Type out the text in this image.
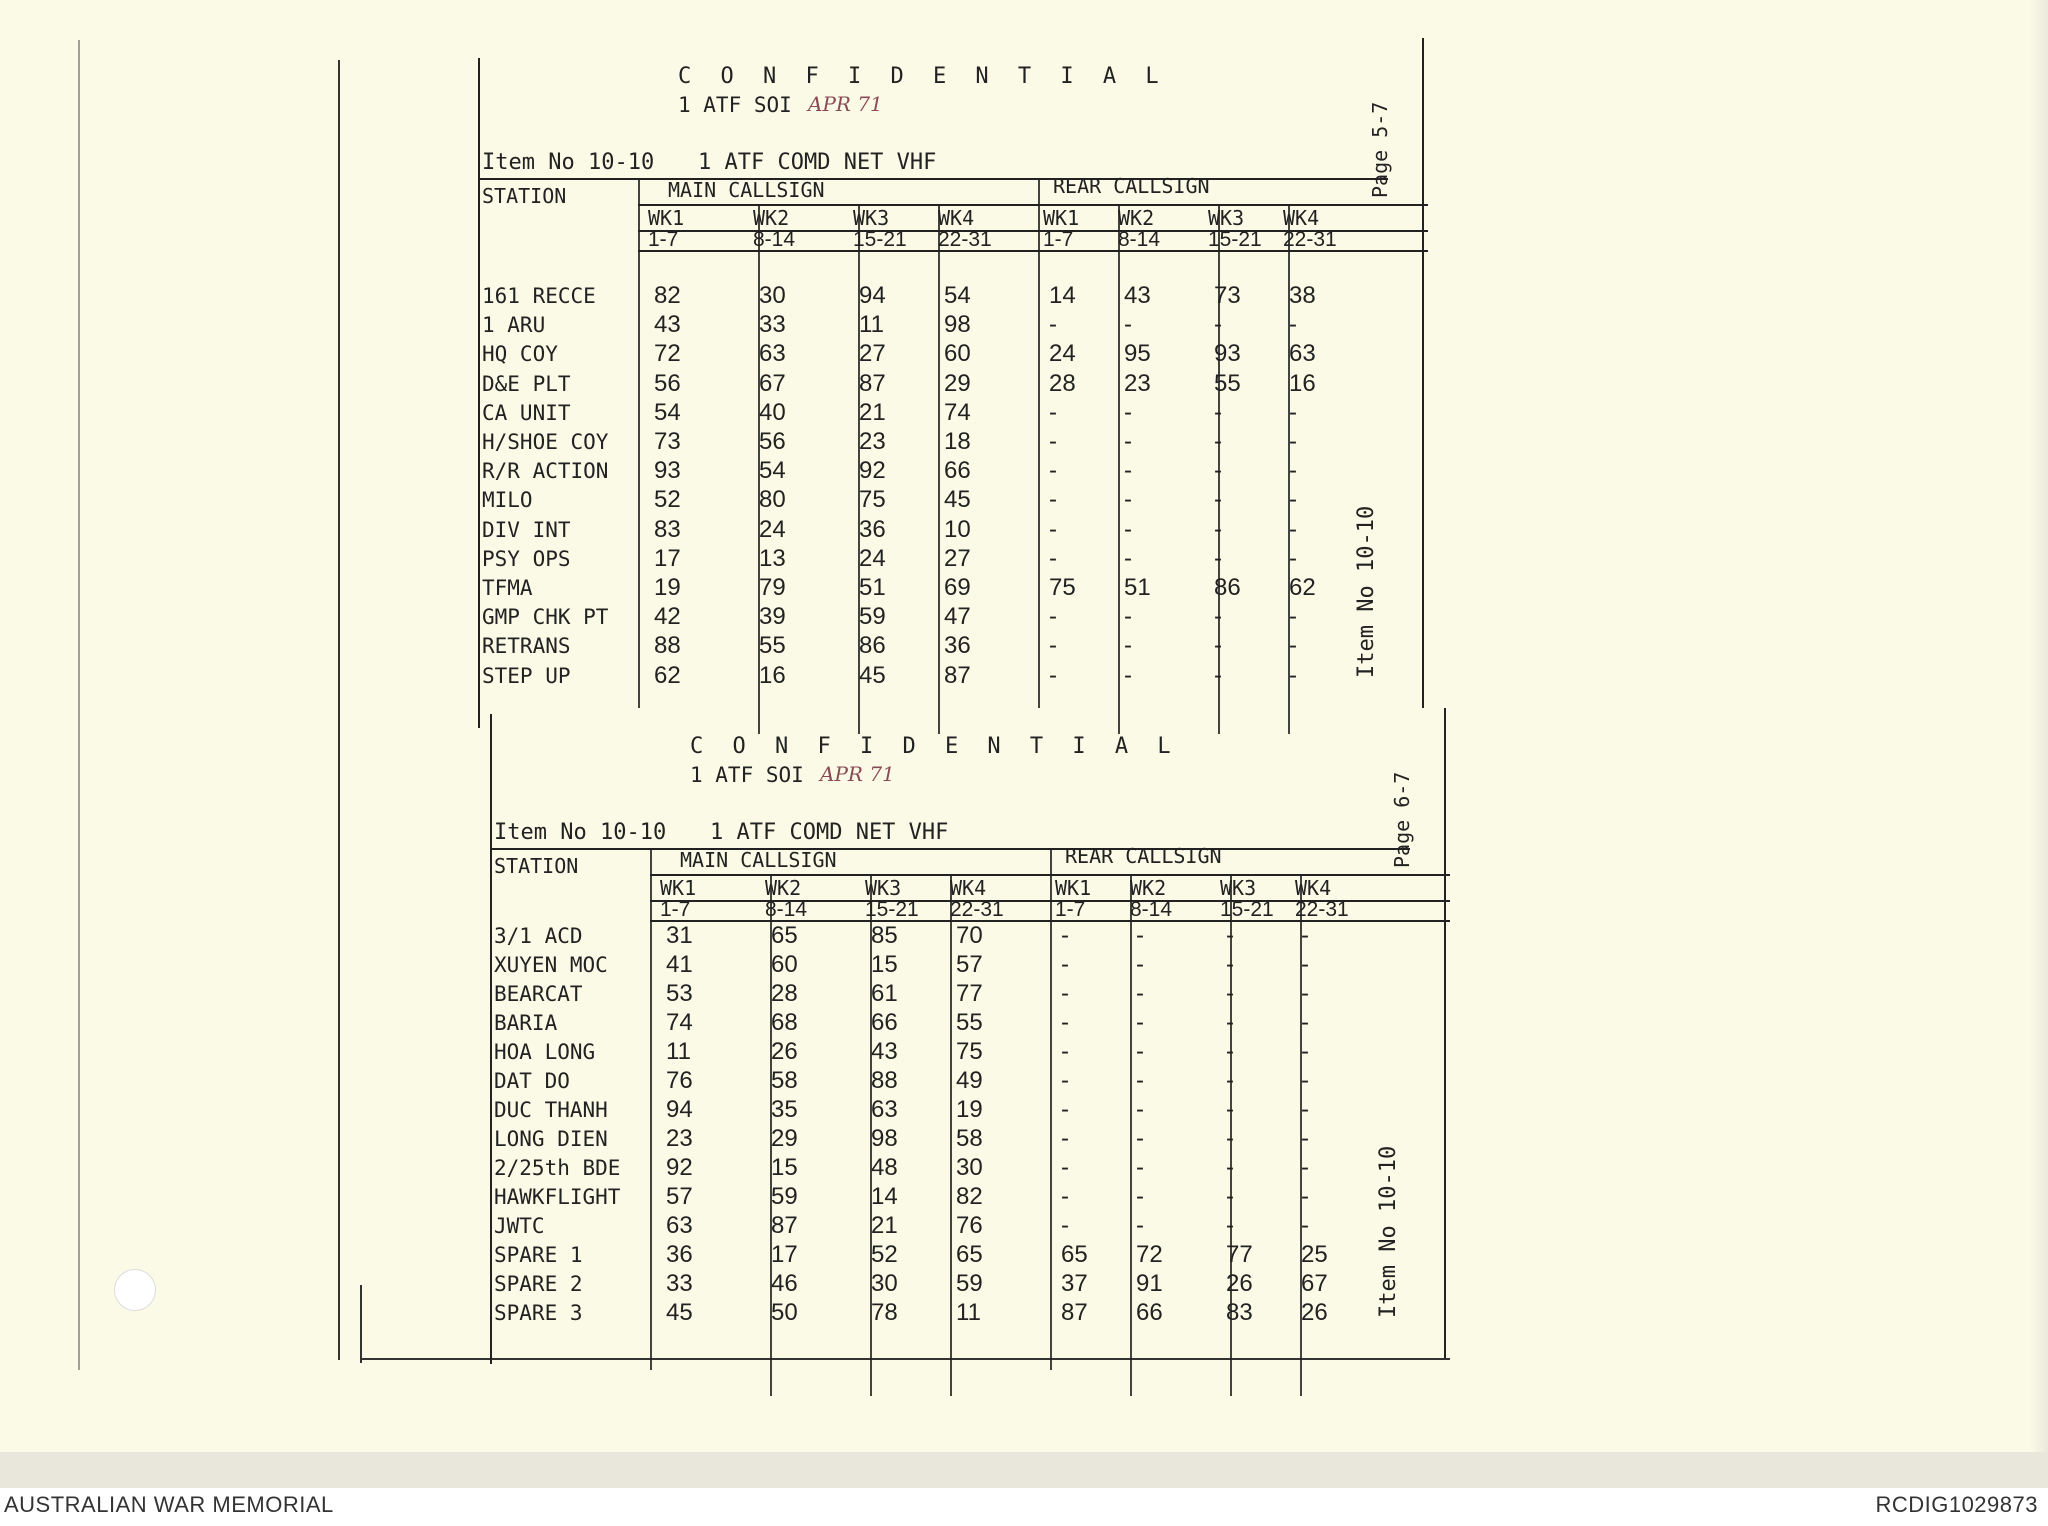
C O N F I D E N T I A L
1 ATF SOI APR 71
Item No 10-10 1 ATF COMD NET VHF
STATION	MAIN CALLSIGN	REAR CALLSIGN
WK1	WK2	WK3 WK4	WK1 WK2	WK3 WK4
1-7	8-14	15-21 22-31 1-7 8-14 15-21 22-31
161 RECCE 82	30	94 54	14 43	73 38
1 ARU	43	33	11	98	-	-	-	-
HQ COY	72	63	27 60	24 95	93 63
D&E PLT	56	67	87 29	28 23	55 16
CA UNIT	54	40	21 74	-	-	-	-
H/SHOE COY 73	56	23 18	-	-	-	-
R/R ACTION 93	54	92 66	-	-	-	-
MILO	52	80	75 45	-	-	-	-
DIV INT	83	24	36 10	-	-	-	-
PSY OPS	17	13	24 27	-	-	-	-
TFMA	19	79	51 69	75 51	86 62
GMP CHK PT 42	39	59 47	-	-	-	-
RETRANS	88	55	86 36	-	-	-	-
STEP UP	62	16	45 87	-	-	-	-
Page 5-7
Item No 10-10
C O N F I D E N T I A L
1 ATF SOI APR 71
Item No 10-10 1 ATF COMD NET VHF
STATION	MAIN CALLSIGN	REAR CALLSIGN
WK1	WK2	WK3 WK4	WK1 WK2	WK3 WK4
1-7	8-14	15-21 22-31 1-7 8-14 15-21 22-31
3/1 ACD	31	65	85 70	-	-	-	-
XUYEN MOC 41	60	15 57	-	-	-	-
BEARCAT	53	28	61 77	-	-	-	-
BARIA	74	68	66 55	-	-	-	-
HOA LONG	11	26	43 75	-	-	-	-
DAT DO	76	58	88 49	-	-	-	-
DUC THANH 94	35	63 19	-	-	-	-
LONG DIEN 23	29	98 58	-	-	-	-
2/25th BDE 92	15	48 30	-	-	-	-
HAWKFLIGHT 57	59	14 82	-	-	-	-
JWTC	63	87	21 76	-	-	-	-
SPARE 1	36	17	52 65	65 72	77 25
SPARE 2	33	46	30 59	37 91	26 67
SPARE 3	45	50	78 11	87 66	83 26
Page 6-7
Item No 10-10
AUSTRALIAN WAR MEMORIAL	RCDIG1029873
